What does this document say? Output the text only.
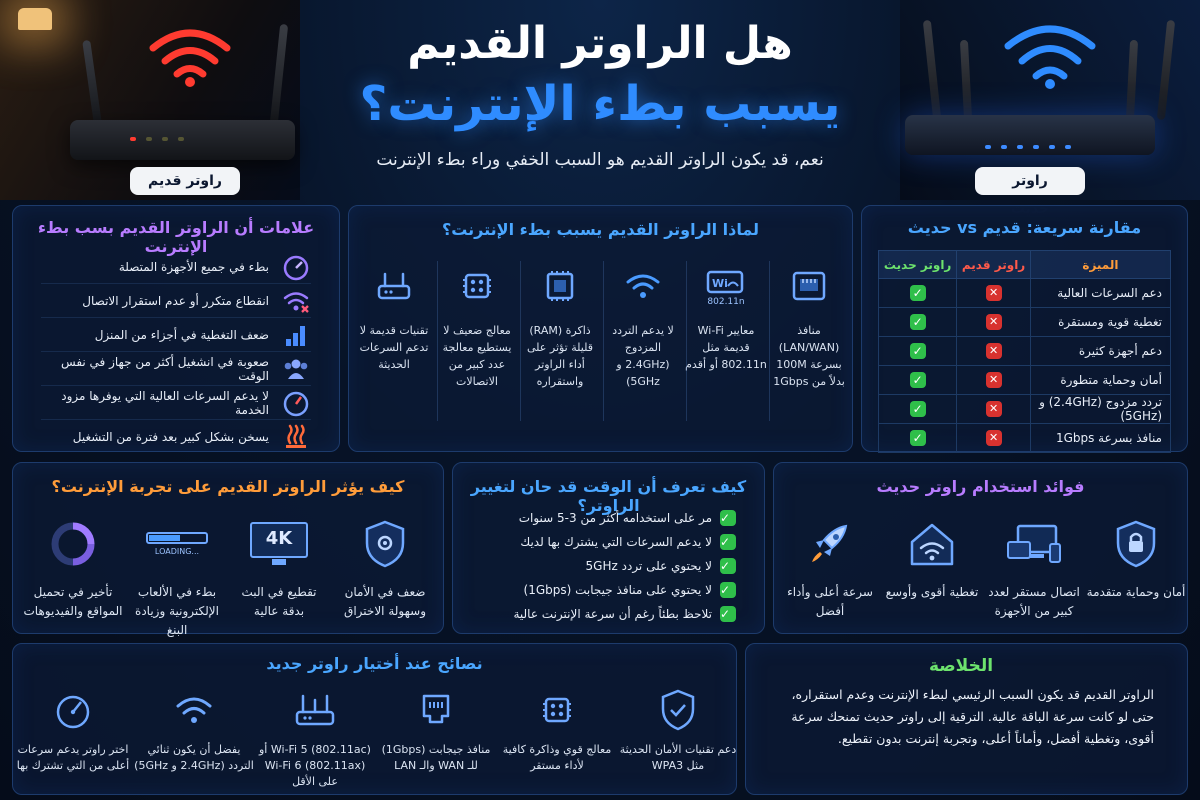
راوتر قديم	راوتر
هل الراوتر القديم
يسبب بطء الإنترنت؟
نعم، قد يكون الراوتر القديم هو السبب الخفي وراء بطء الإنترنت
علامات أن الراوتر القديم بسب بطء الإنترنت
بطء في جميع الأجهزة المتصلة
انقطاع متكرر أو عدم استقرار الاتصال
ضعف التغطية في أجزاء من المنزل
صعوبة في انشغيل أكثر من جهاز في نفس الوقت
لا يدعم السرعات العالية التي يوفرها مزود الخدمة
يسخن بشكل كبير بعد فترة من التشغيل
لماذا الراوتر القديم يسبب بطء الإنترنت؟
منافذ (LAN/WAN) بسرعة 100M بدلاً من 1Gbps
Wi
802.11n
معايير Wi-Fi قديمة مثل 802.11n أو أقدم
لا يدعم التردد المزدوج (2.4GHz و 5GHz)
ذاكرة (RAM) قليلة تؤثر على أداء الراوتر واستقراره
معالج ضعيف لا يستطيع معالجة عدد كبير من الاتصالات
تقنيات قديمة لا تدعم السرعات الحديثة
مقارنة سريعة: قديم vs حديث
الميزة	راوتر قديم	راوتر حديث
دعم السرعات العالية	✕	✓
تغطية قوية ومستقرة	✕	✓
دعم أجهزة كثيرة	✕	✓
أمان وحماية متطورة	✕	✓
تردد مزدوج (2.4GHz) و (5GHz)	✕	✓
منافذ بسرعة 1Gbps	✕	✓
كيف يؤثر الراوتر القديم على تجربة الإنترنت؟
ضعف في الأمان وسهولة الاختراق
4K
تقطيع في البث بدقة عالية
LOADING...
بطء في الألعاب الإلكترونية وزيادة البنغ
تأخير في تحميل المواقع والفيديوهات
كيف تعرف أن الوقت قد حان لتغيير الراوتر؟
✓
مر على استخدامه أكثر من 3-5 سنوات
✓
لا يدعم السرعات التي يشترك بها لديك
✓
لا يحتوي على تردد 5GHz
✓
لا يحتوي على منافذ جيجابت (1Gbps)
✓
تلاحظ بطئاً رغم أن سرعة الإنترنت عالية
فوائد استخدام راوتر حديث
أمان وحماية متقدمة
اتصال مستقر لعدد كبير من الأجهزة
تغطية أقوى وأوسع
سرعة أعلى وأداء أفضل
نصائح عند أختيار راوتر جديد
دعم تقنيات الأمان الحديثة مثل WPA3
معالج قوي وذاكرة كافية لأداء مستقر
منافذ جيجابت (1Gbps) للـ WAN والـ LAN
Wi-Fi 5 (802.11ac) أو Wi-Fi 6 (802.11ax) على الأقل
يفضل أن يكون ثنائي التردد (2.4GHz و 5GHz)
اختر راوتر يدعم سرعات أعلى من التي تشترك بها
الخلاصة
الراوتر القديم قد يكون السبب الرئيسي لبطء الإنترنت وعدم استقراره، حتى لو كانت سرعة الباقة عالية. الترقية إلى راوتر حديث تمنحك سرعة أقوى، وتغطية أفضل، وأماناً أعلى، وتجربة إنترنت بدون تقطيع.
